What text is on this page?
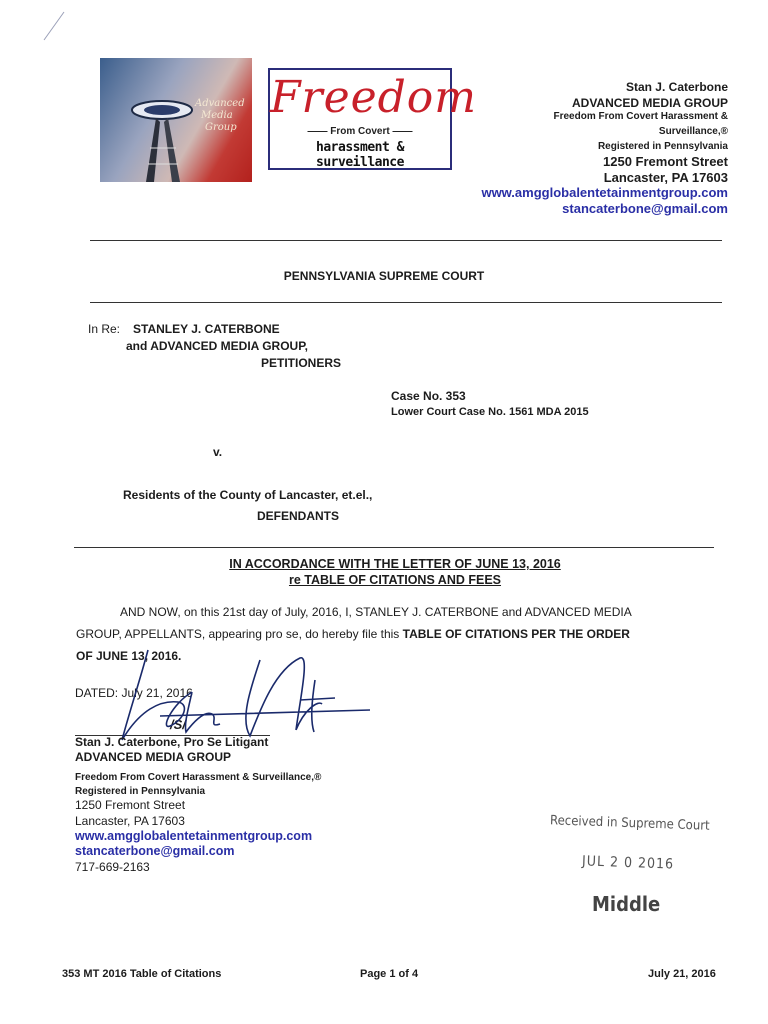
Advanced
Media
Group
Freedom
—— From Covert ——
harassment & surveillance
Stan J. Caterbone
ADVANCED MEDIA GROUP
Freedom From Covert Harassment &
Surveillance,®
Registered in Pennsylvania
1250 Fremont Street
Lancaster, PA 17603
www.amgglobalentetainmentgroup.com
stancaterbone@gmail.com
PENNSYLVANIA SUPREME COURT
In Re: STANLEY J. CATERBONE
and ADVANCED MEDIA GROUP,
PETITIONERS
Case No. 353
Lower Court Case No. 1561 MDA 2015
v.
Residents of the County of Lancaster, et.el.,
DEFENDANTS
IN ACCORDANCE WITH THE LETTER OF JUNE 13, 2016
re TABLE OF CITATIONS AND FEES
AND NOW, on this 21st day of July, 2016, I, STANLEY J. CATERBONE and ADVANCED MEDIA
GROUP, APPELLANTS, appearing pro se, do hereby file this TABLE OF CITATIONS PER THE ORDER
OF JUNE 13, 2016.
DATED: July 21, 2016
/S/
Stan J. Caterbone, Pro Se Litigant
ADVANCED MEDIA GROUP
Freedom From Covert Harassment & Surveillance,®
Registered in Pennsylvania
1250 Fremont Street
Lancaster, PA 17603
www.amgglobalentetainmentgroup.com
stancaterbone@gmail.com
717-669-2163
Received in Supreme Court
JUL 2 0 2016
Middle
353 MT 2016 Table of Citations	Page 1 of 4	July 21, 2016
